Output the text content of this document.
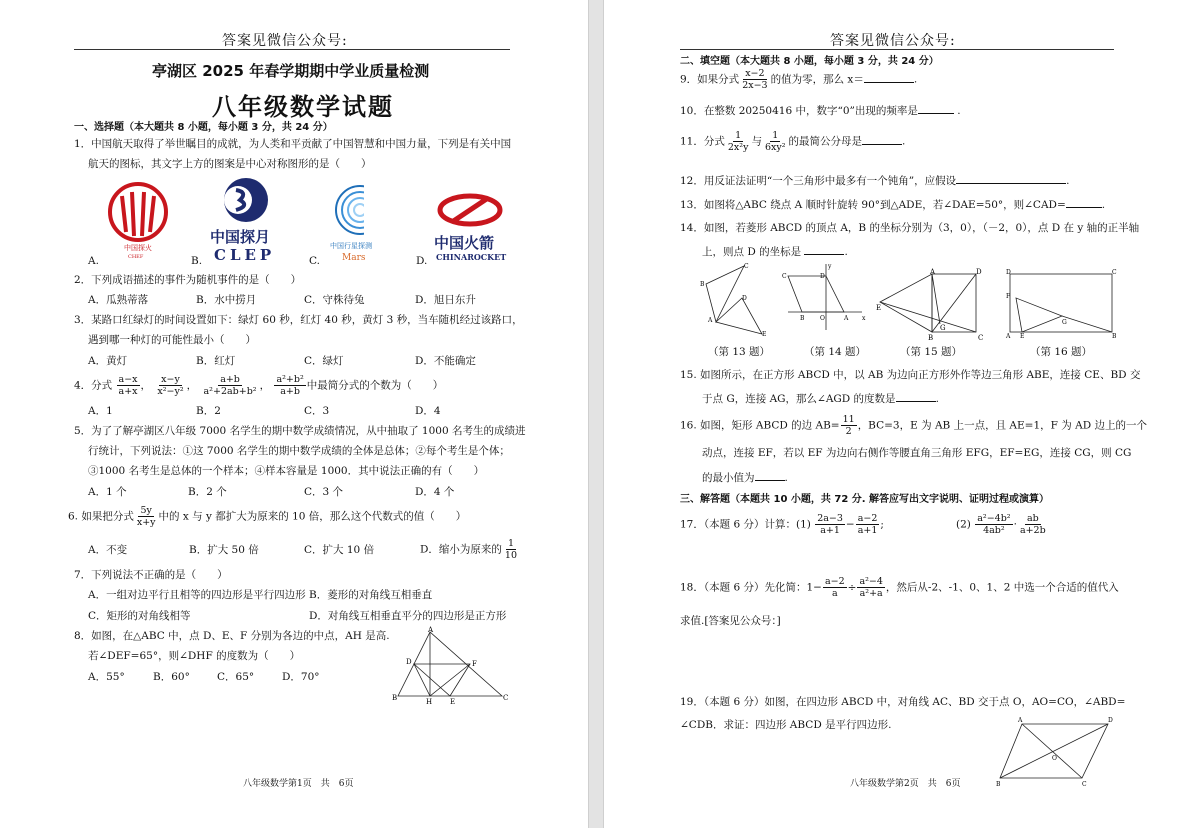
答案见微信公众号:
亭湖区 2025 年春学期期中学业质量检测
八年级数学试题
一、选择题（本大题共 8 小题，每小题 3 分，共 24 分）
1．中国航天取得了举世瞩目的成就，为人类和平贡献了中国智慧和中国力量，下列是有关中国
航天的图标，其文字上方的图案是中心对称图形的是（　　）
A.	B.	C.	D.
中国探火
CHEF
中国探月
CLEP	中国行星探测
Mars
中国火箭
CHINAROCKET
2．下列成语描述的事件为随机事件的是（　　）
A．瓜熟蒂落	B．水中捞月	C．守株待兔	D．旭日东升
3．某路口红绿灯的时间设置如下：绿灯 60 秒，红灯 40 秒，黄灯 3 秒，当车随机经过该路口，
遇到哪一种灯的可能性最小（　　）
A．黄灯	B．红灯	C．绿灯	D．不能确定
4．分式 $\frac{a-x}{a+x}$ ， $\frac{x-y}{\text{x²−y²}}$ ， $\frac{a+b}{\text{a²+2ab+b²}}$ ， $\frac{\text{a²+b²}}{a+b}$ 中最简分式的个数为（　　）
A．1	B．2	C．3	D．4
5．为了了解亭湖区八年级 7000 名学生的期中数学成绩情况，从中抽取了 1000 名考生的成绩进
行统计，下列说法：①这 7000 名学生的期中数学成绩的全体是总体；②每个考生是个体；
③1000 名考生是总体的一个样本；④样本容量是 1000．其中说法正确的有（　　）
A．1 个	B．2 个	C．3 个	D．4 个
6. 如果把分式 $\frac{5y}{x+y}$ 中的 x 与 y 都扩大为原来的 10 倍，那么这个代数式的值（　　）
A．不变	B．扩大 50 倍	C．扩大 10 倍	D．缩小为原来的 $\frac{1}{10}$
7．下列说法不正确的是（　　）
A．一组对边平行且相等的四边形是平行四边形 B．菱形的对角线互相垂直
C．矩形的对角线相等	D．对角线互相垂直平分的四边形是正方形
8．如图，在△ABC 中，点 D、E、F 分别为各边的中点，AH 是高.
若∠DEF=65°，则∠DHF 的度数为（　　）
A．55°	B．60°	C．65°	D．70°
A
B	C
D
E
F
H
八年级数学第1页　共　6页
答案见微信公众号:
二、填空题（本大题共 8 小题，每小题 3 分，共 24 分）
9．如果分式 $\frac{x-2}{2x-3}$ 的值为零，那么 x＝	.
10．在整数 20250416 中，数字“0”出现的频率是	.
11．分式 $\frac{1}{\text{2x²y}}$ 与 $\frac{1}{\text{6xy²}}$ 的最简公分母是	.
12．用反证法证明“一个三角形中最多有一个钝角”，应假设	.
13．如图将△ABC 绕点 A 顺时针旋转 90°到△ADE，若∠DAE=50°，则∠CAD=	.
14．如图，若菱形 ABCD 的顶点 A，B 的坐标分别为（3，0），（－2，0），点 D 在 y 轴的正半轴
上，则点 D 的坐标是	.
B
C
A
D
E
C	D
B	O	A x
y
A	D
E
B	C
G
D	C
F
A E	B
G
（第 13 题）	（第 14 题）	（第 15 题）	（第 16 题）
15. 如图所示，在正方形 ABCD 中，以 AB 为边向正方形外作等边三角形 ABE，连接 CE、BD 交
于点 G，连接 AG，那么∠AGD 的度数是	.
16. 如图，矩形 ABCD 的边 $AB= \frac{11}{2}$ ，BC=3，E 为 AB 上一点，且 AE=1，F 为 AD 边上的一个
动点，连接 EF，若以 EF 为边向右侧作等腰直角三角形 EFG，EF=EG，连接 CG，则 CG
的最小值为	.
三、解答题（本题共 10 小题，共 72 分. 解答应写出文字说明、证明过程或演算）
17．（本题 6 分）计算：$(1) \frac{2a-3}{a+1} - \frac{a-2}{a+1}$ ;	$(2) \frac{\text{a²−4b²}}{\text{4ab²}} \cdot \frac{ab}{a+2b}$
18．（本题 6 分）先化简：$1- \frac{a-2}{a} \div \frac{\text{a²−4}}{\text{a²+a}}$ ，然后从-2、-1、0、1、2 中选一个合适的值代入
求值.[答案见公众号：]
19．（本题 6 分）如图，在四边形 ABCD 中，对角线 AC、BD 交于点 O，AO=CO，∠ABD=
∠CDB．求证：四边形 ABCD 是平行四边形.	A	D
B	C
O
八年级数学第2页　共　6页
